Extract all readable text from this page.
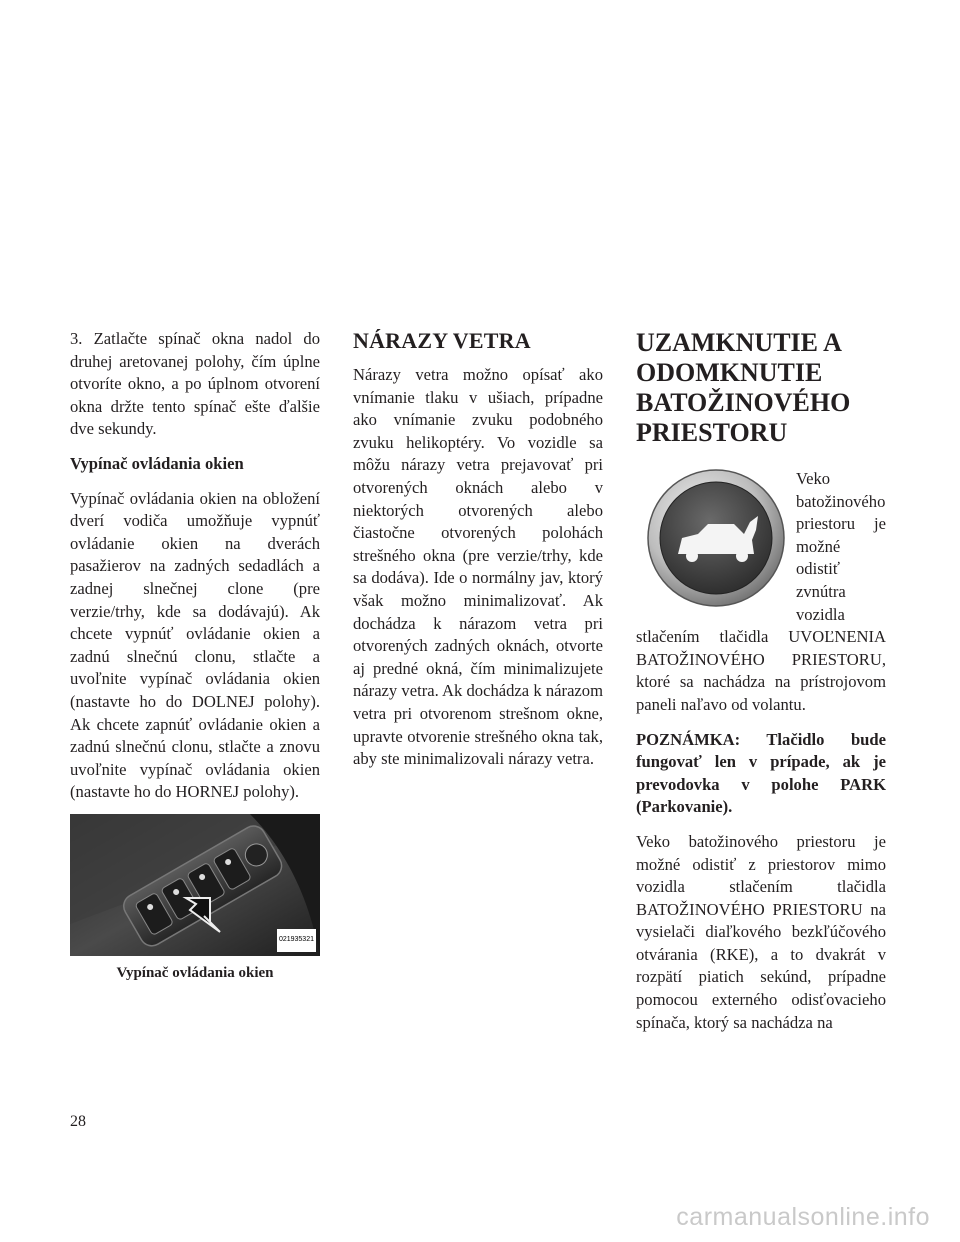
3. Zatlačte spínač okna nadol do druhej aretovanej polohy, čím úplne otvoríte okno, a po úplnom otvorení okna držte tento spínač ešte ďalšie dve sekundy.

Vypínač ovládania okien

Vypínač ovládania okien na obložení dverí vodiča umožňuje vypnúť ovládanie okien na dverách pasažierov na zadných sedadlách a zadnej slnečnej clone (pre verzie/trhy, kde sa dodávajú). Ak chcete vypnúť ovládanie okien a zadnú slnečnú clonu, stlačte a uvoľnite vypínač ovládania okien (nastavte ho do DOLNEJ polohy). Ak chcete zapnúť ovládanie okien a zadnú slnečnú clonu, stlačte a znovu uvoľnite vypínač ovládania okien (nastavte ho do HORNEJ polohy).

021935321
Vypínač ovládania okien
NÁRAZY VETRA

Nárazy vetra možno opísať ako vnímanie tlaku v ušiach, prípadne ako vnímanie zvuku podobného zvuku helikoptéry. Vo vozidle sa môžu nárazy vetra prejavovať pri otvorených oknách alebo v niektorých otvorených alebo čiastočne otvorených polohách strešného okna (pre verzie/trhy, kde sa dodáva). Ide o normálny jav, ktorý však možno minimalizovať. Ak dochádza k nárazom vetra pri otvorených zadných oknách, otvorte aj predné okná, čím minimalizujete nárazy vetra. Ak dochádza k nárazom vetra pri otvorenom strešnom okne, upravte otvorenie strešného okna tak, aby ste minimalizovali nárazy vetra.

UZAMKNUTIE A ODOMKNUTIE BATOŽINOVÉHO PRIESTORU

Veko batožinového priestoru je možné odistiť zvnútra vozidla stlačením tlačidla UVOĽNENIA BATOŽINOVÉHO PRIESTORU, ktoré sa nachádza na prístrojovom paneli naľavo od volantu.

POZNÁMKA: Tlačidlo bude fungovať len v prípade, ak je prevodovka v polohe PARK (Parkovanie).

Veko batožinového priestoru je možné odistiť z priestorov mimo vozidla stlačením tlačidla BATOŽINOVÉHO PRIESTORU na vysielači diaľkového bezkľúčového otvárania (RKE), a to dvakrát v rozpätí piatich sekúnd, prípadne pomocou externého odisťovacieho spínača, ktorý sa nachádza na

28
carmanualsonline.info
